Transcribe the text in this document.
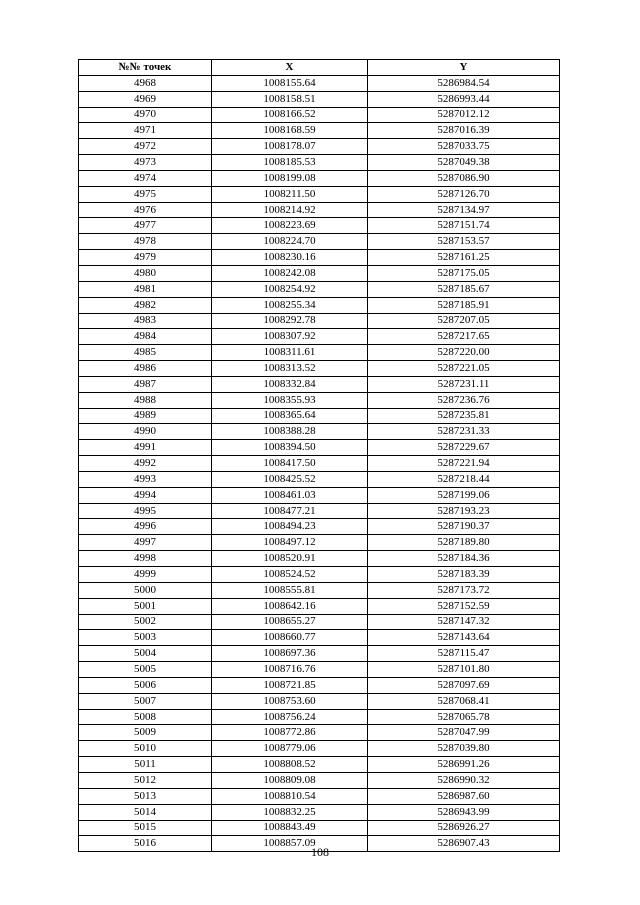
№№ точек	X	Y
4968	1008155.64	5286984.54
4969	1008158.51	5286993.44
4970	1008166.52	5287012.12
4971	1008168.59	5287016.39
4972	1008178.07	5287033.75
4973	1008185.53	5287049.38
4974	1008199.08	5287086.90
4975	1008211.50	5287126.70
4976	1008214.92	5287134.97
4977	1008223.69	5287151.74
4978	1008224.70	5287153.57
4979	1008230.16	5287161.25
4980	1008242.08	5287175.05
4981	1008254.92	5287185.67
4982	1008255.34	5287185.91
4983	1008292.78	5287207.05
4984	1008307.92	5287217.65
4985	1008311.61	5287220.00
4986	1008313.52	5287221.05
4987	1008332.84	5287231.11
4988	1008355.93	5287236.76
4989	1008365.64	5287235.81
4990	1008388.28	5287231.33
4991	1008394.50	5287229.67
4992	1008417.50	5287221.94
4993	1008425.52	5287218.44
4994	1008461.03	5287199.06
4995	1008477.21	5287193.23
4996	1008494.23	5287190.37
4997	1008497.12	5287189.80
4998	1008520.91	5287184.36
4999	1008524.52	5287183.39
5000	1008555.81	5287173.72
5001	1008642.16	5287152.59
5002	1008655.27	5287147.32
5003	1008660.77	5287143.64
5004	1008697.36	5287115.47
5005	1008716.76	5287101.80
5006	1008721.85	5287097.69
5007	1008753.60	5287068.41
5008	1008756.24	5287065.78
5009	1008772.86	5287047.99
5010	1008779.06	5287039.80
5011	1008808.52	5286991.26
5012	1008809.08	5286990.32
5013	1008810.54	5286987.60
5014	1008832.25	5286943.99
5015	1008843.49	5286926.27
5016	1008857.09	5286907.43
108
